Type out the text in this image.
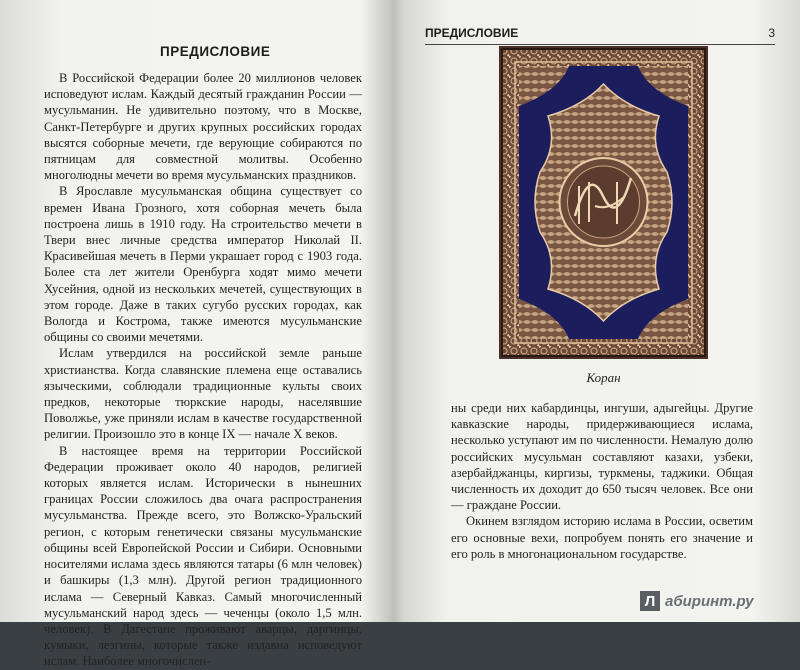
ПРЕДИСЛОВИЕ

В Российской Федерации более 20 миллионов человек исповедуют ислам. Каждый десятый гражданин России — мусульманин. Не удивительно поэтому, что в Москве, Санкт-Петербурге и других крупных российских городах высятся соборные мечети, где верующие собираются по пятницам для совместной молитвы. Особенно многолюдны мечети во время мусульманских праздников.

В Ярославле мусульманская община существует со времен Ивана Грозного, хотя соборная мечеть была построена лишь в 1910 году. На строительство мечети в Твери внес личные средства император Николай II. Красивейшая мечеть в Перми украшает город с 1903 года. Более ста лет жители Оренбурга ходят мимо мечети Хусейния, одной из нескольких мечетей, существующих в этом городе. Даже в таких сугубо русских городах, как Вологда и Кострома, также имеются мусульманские общины со своими мечетями.

Ислам утвердился на российской земле раньше христианства. Когда славянские племена еще оставались языческими, соблюдали традиционные культы своих предков, некоторые тюркские народы, населявшие Поволжье, уже приняли ислам в качестве государственной религии. Произошло это в конце IX — начале X веков.

В настоящее время на территории Российской Федерации проживает около 40 народов, религией которых является ислам. Исторически в нынешних границах России сложилось два очага распространения мусульманства. Прежде всего, это Волжско-Уральский регион, с которым генетически связаны мусульманские общины всей Европейской России и Сибири. Основными носителями ислама здесь являются татары (6 млн человек) и башкиры (1,3 млн). Другой регион традиционного ислама — Северный Кавказ. Самый многочисленный мусульманский народ здесь — чеченцы (около 1,5 млн. человек). В Дагестане проживают аварцы, даргинцы, кумыки, лезгины, которые также издавна исповедуют ислам. Наиболее многочислен-

ПРЕДИСЛОВИЕ	3
Коран

ны среди них кабардинцы, ингуши, адыгейцы. Другие кавказские народы, придерживающиеся ислама, несколько уступают им по численности. Немалую долю российских мусульман составляют казахи, узбеки, азербайджанцы, киргизы, туркмены, таджики. Общая численность их доходит до 650 тысяч человек. Все они — граждане России.

Окинем взглядом историю ислама в России, осветим его основные вехи, попробуем понять его значение и его роль в многонациональном государстве.

Л абиринт.ру
